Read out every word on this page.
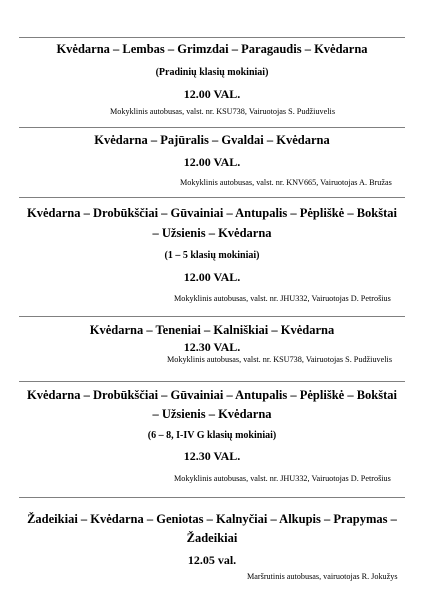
Kvėdarna – Lembas – Grimzdai – Paragaudis – Kvėdarna
(Pradinių klasių mokiniai)
12.00 VAL.
Mokyklinis autobusas, valst. nr. KSU738, Vairuotojas S. Pudžiuvelis
Kvėdarna – Pajūralis – Gvaldai – Kvėdarna
12.00 VAL.
Mokyklinis autobusas, valst. nr. KNV665, Vairuotojas A. Bružas
Kvėdarna – Drobūkščiai – Gūvainiai – Antupalis – Pėpliškė – Bokštai
– Užsienis – Kvėdarna
(1 – 5 klasių mokiniai)
12.00 VAL.
Mokyklinis autobusas, valst. nr. JHU332, Vairuotojas D. Petrošius
Kvėdarna – Teneniai – Kalniškiai – Kvėdarna
12.30 VAL.
Mokyklinis autobusas, valst. nr. KSU738, Vairuotojas S. Pudžiuvelis
Kvėdarna – Drobūkščiai – Gūvainiai – Antupalis – Pėpliškė – Bokštai
– Užsienis – Kvėdarna
(6 – 8, I-IV G klasių mokiniai)
12.30 VAL.
Mokyklinis autobusas, valst. nr. JHU332, Vairuotojas D. Petrošius
Žadeikiai – Kvėdarna – Geniotas – Kalnyčiai – Alkupis – Prapymas –
Žadeikiai
12.05 val.
Maršrutinis autobusas, vairuotojas R. Jokužys
